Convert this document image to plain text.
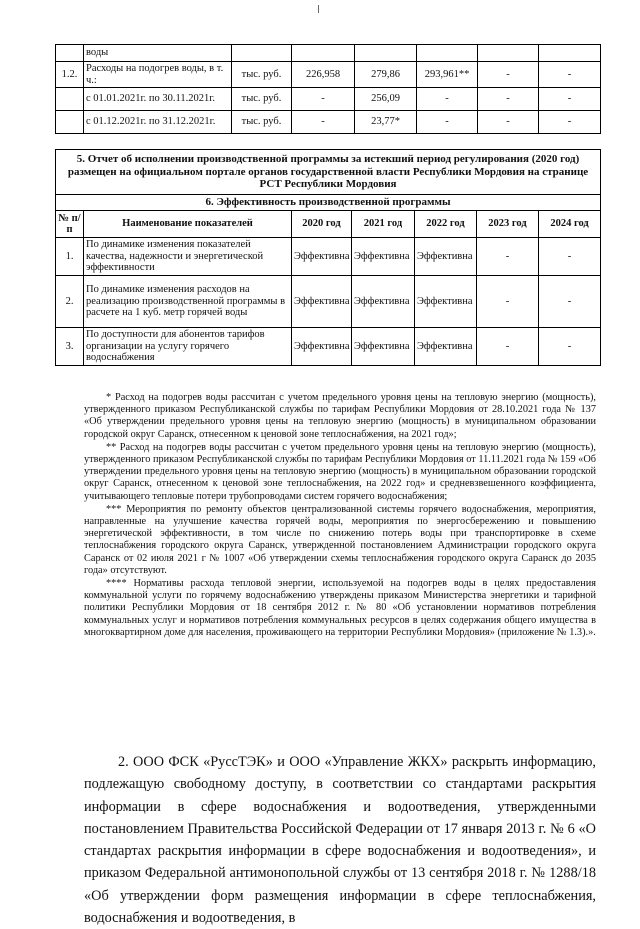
	воды						
1.2.	Расходы на подогрев воды, в т. ч.:	тыс. руб.	226,958	279,86	293,961**	-	-
	с 01.01.2021г. по 30.11.2021г.	тыс. руб.	-	256,09	-	-	-
	с 01.12.2021г. по 31.12.2021г.	тыс. руб.	-	23,77*	-	-	-
5. Отчет об исполнении производственной программы за истекший период регулирования (2020 год) размещен на официальном портале органов государственной власти Республики Мордовия на странице РСТ Республики Мордовия						
6. Эффективность производственной программы						
№ п/п	Наименование показателей	2020 год	2021 год	2022 год	2023 год	2024 год
1.	По динамике изменения показателей качества, надежности и энергетической эффективности	Эффективна	Эффективна	Эффективна	-	-
2.	По динамике изменения расходов на реализацию производственной программы в расчете на 1 куб. метр горячей воды	Эффективна	Эффективна	Эффективна	-	-
3.	По доступности для абонентов тарифов организации на услугу горячего водоснабжения	Эффективна	Эффективна	Эффективна	-	-

* Расход на подогрев воды рассчитан с учетом предельного уровня цены на тепловую энергию (мощность), утвержденного приказом Республиканской службы по тарифам Республики Мордовия от 28.10.2021 года № 137 «Об утверждении предельного уровня цены на тепловую энергию (мощность) в муниципальном образовании городской округ Саранск, отнесенном к ценовой зоне теплоснабжения, на 2021 год»;

** Расход на подогрев воды рассчитан с учетом предельного уровня цены на тепловую энергию (мощность), утвержденного приказом Республиканской службы по тарифам Республики Мордовия от 11.11.2021 года № 159 «Об утверждении предельного уровня цены на тепловую энергию (мощность) в муниципальном образовании городской округ Саранск, отнесенном к ценовой зоне теплоснабжения, на 2022 год» и средневзвешенного коэффициента, учитывающего тепловые потери трубопроводами систем горячего водоснабжения;

*** Мероприятия по ремонту объектов централизованной системы горячего водоснабжения, мероприятия, направленные на улучшение качества горячей воды, мероприятия по энергосбережению и повышению энергетической эффективности, в том числе по снижению потерь воды при транспортировке в схеме теплоснабжения городского округа Саранск, утвержденной постановлением Администрации городского округа Саранск от 02 июля 2021 г № 1007 «Об утверждении схемы теплоснабжения городского округа Саранск до 2035 года» отсутствуют.

**** Нормативы расхода тепловой энергии, используемой на подогрев воды в целях предоставления коммунальной услуги по горячему водоснабжению утверждены приказом Министерства энергетики и тарифной политики Республики Мордовия от 18 сентября 2012 г. № 80 «Об установлении нормативов потребления коммунальных услуг и нормативов потребления коммунальных ресурсов в целях содержания общего имущества в многоквартирном доме для населения, проживающего на территории Республики Мордовия» (приложение № 1.3).».

2. ООО ФСК «РуссТЭК» и ООО «Управление ЖКХ» раскрыть информацию, подлежащую свободному доступу, в соответствии со стандартами раскрытия информации в сфере водоснабжения и водоотведения, утвержденными постановлением Правительства Российской Федерации от 17 января 2013 г. № 6 «О стандартах раскрытия информации в сфере водоснабжения и водоотведения», и приказом Федеральной антимонопольной службы от 13 сентября 2018 г. № 1288/18 «Об утверждении форм размещения информации в сфере теплоснабжения, водоснабжения и водоотведения, в
